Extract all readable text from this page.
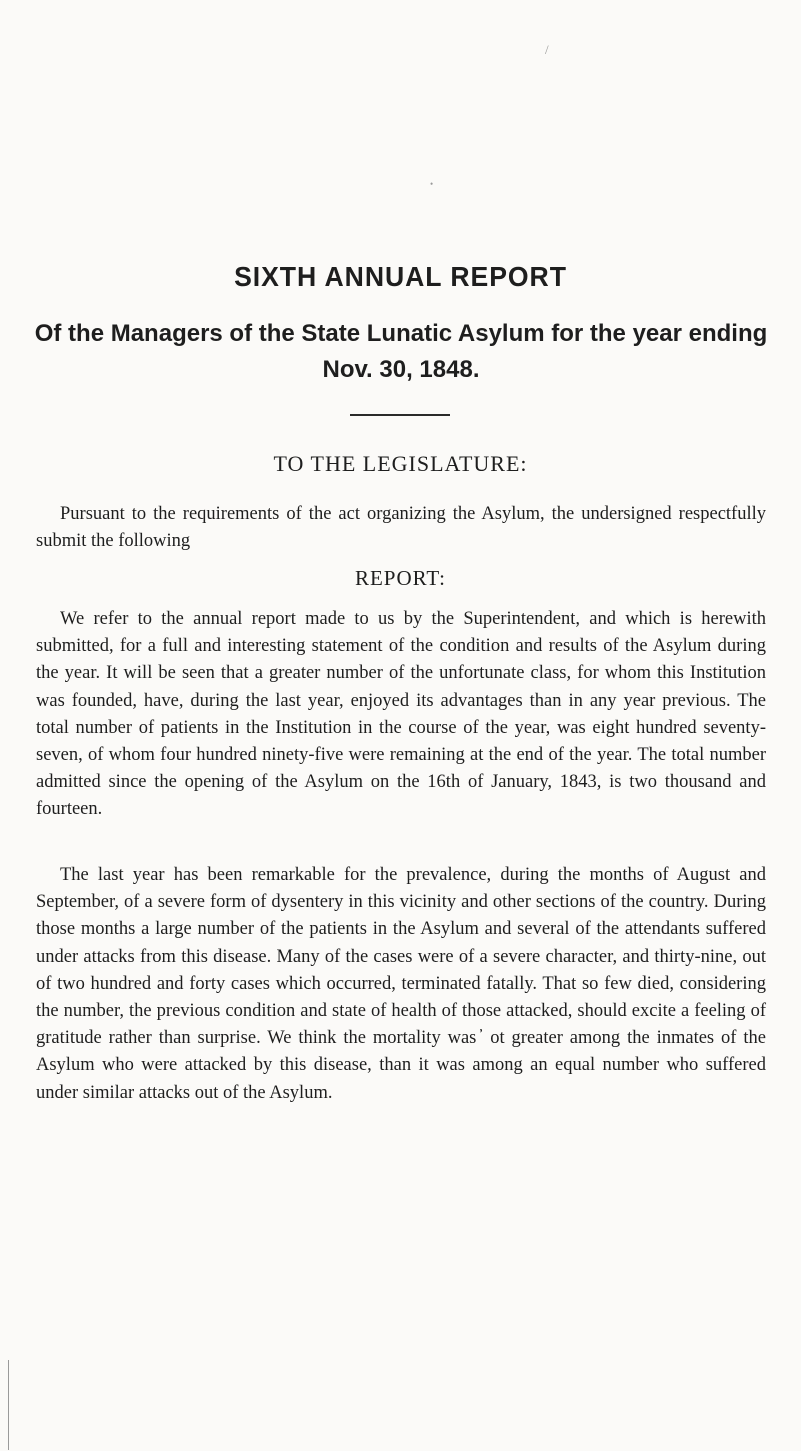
/
•
SIXTH ANNUAL REPORT
Of the Managers of the State Lunatic Asylum for the year ending Nov. 30, 1848.
TO THE LEGISLATURE:

Pursuant to the requirements of the act organizing the Asylum, the undersigned respectfully submit the following

REPORT:

We refer to the annual report made to us by the Superintendent, and which is herewith submitted, for a full and interesting statement of the condition and results of the Asylum during the year. It will be seen that a greater number of the unfortunate class, for whom this Institution was founded, have, during the last year, enjoyed its advantages than in any year previous. The total number of patients in the Institution in the course of the year, was eight hundred seventy-seven, of whom four hundred ninety-five were remaining at the end of the year. The total number admitted since the opening of the Asylum on the 16th of January, 1843, is two thousand and fourteen.

The last year has been remarkable for the prevalence, during the months of August and September, of a severe form of dysentery in this vicinity and other sections of the country. During those months a large number of the patients in the Asylum and several of the attendants suffered under attacks from this disease. Many of the cases were of a severe character, and thirty-nine, out of two hundred and forty cases which occurred, terminated fatally. That so few died, considering the number, the previous condition and state of health of those attacked, should excite a feeling of gratitude rather than surprise. We think the mortality was ̓ ot greater among the inmates of the Asylum who were attacked by this disease, than it was among an equal number who suffered under similar attacks out of the Asylum.
